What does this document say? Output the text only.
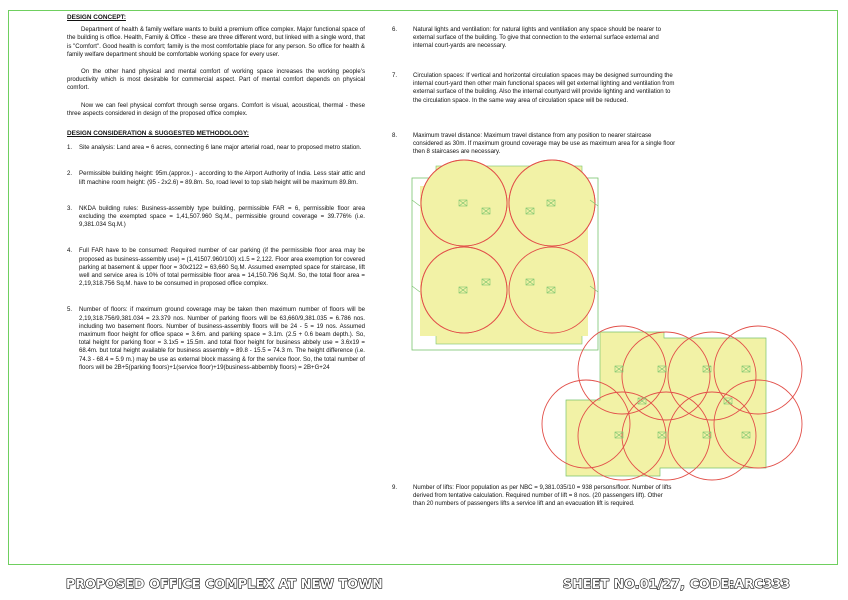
DESIGN CONCEPT:

Department of health & family welfare wants to build a premium office complex. Major functional space of the building is office. Health, Family & Office - these are three different word, but linked with a single word, that is "Comfort". Good health is comfort; family is the most comfortable place for any person. So office for health & family welfare department should be comfortable working space for every user.

On the other hand physical and mental comfort of working space increases the working people's productivity which is most desirable for commercial aspect. Part of mental comfort depends on physical comfort.

Now we can feel physical comfort through sense organs. Comfort is visual, acoustical, thermal - these three aspects considered in design of the proposed office complex.

DESIGN CONSIDERATION & SUGGESTED METHODOLOGY:
1.	Site analysis: Land area = 6 acres, connecting 6 lane major arterial road, near to proposed metro station.
2.	Permissible building height: 95m.(approx.) - according to the Airport Authority of India. Less stair attic and lift machine room height: (95 - 2x2.6) = 89.8m. So, road level to top slab height will be maximum 89.8m.
3.	NKDA building rules: Business-assembly type building, permissible FAR = 6, permissible floor area excluding the exempted space = 1,41,507.960 Sq.M., permissible ground coverage = 39.776% (i.e. 9,381.034 Sq.M.)
4.	Full FAR have to be consumed: Required number of car parking (if the permissible floor area may be proposed as business-assembly use) = (1,41507.960/100) x1.5 = 2,122. Floor area exemption for covered parking at basement & upper floor = 30x2122 = 63,660 Sq.M. Assumed exempted space for staircase, lift well and service area is 10% of total permissible floor area = 14,150.796 Sq.M. So, the total floor area = 2,19,318.756 Sq.M. have to be consumed in proposed office complex.
5.	Number of floors: if maximum ground coverage may be taken then maximum number of floors will be 2,19,318.756/9,381.034 = 23.379 nos. Number of parking floors will be 63,660/9,381.035 = 6.786 nos. including two basement floors. Number of business-assembly floors will be 24 - 5 = 19 nos. Assumed maximum floor height for office space = 3.6m. and parking space = 3.1m. (2.5 + 0.6 beam depth.). So, total height for parking floor = 3.1x5 = 15.5m. and total floor height for business abbely use = 3.6x19 = 68.4m. but total height available for business assembly = 89.8 - 15.5 = 74.3 m. The height difference (i.e. 74.3 - 68.4 = 5.9 m.) may be use as external block massing & for the service floor. So, the total number of floors will be 2B+5(parking floors)+1(service floor)+19(business-abbembly floors) = 2B+G+24
6.	Natural lights and ventilation: for natural lights and ventilation any space should be nearer to external surface of the building. To give that connection to the external surface external and internal court-yards are necessary.
7.	Circulation spaces: If vertical and horizontal circulation spaces may be designed surrounding the internal court-yard then other main functional spaces will get external lighting and ventilation from external surface of the building. Also the internal courtyard will provide lighting and ventilation to the circulation space. In the same way area of circulation space will be reduced.
8.	Maximum travel distance: Maximum travel distance from any position to nearer staircase considered as 30m. If maximum ground coverage may be use as maximum area for a single floor then 8 staircases are necessary.
9.	Number of lifts: Floor population as per NBC = 9,381.035/10 = 938 persons/floor. Number of lifts derived from tentative calculation. Required number of lift = 8 nos. (20 passengers lift). Other than 20 numbers of passengers lifts a service lift and an evacuation lift is required.
PROPOSED OFFICE COMPLEX AT NEW TOWN	SHEET NO.01/27, CODE:ARC333
